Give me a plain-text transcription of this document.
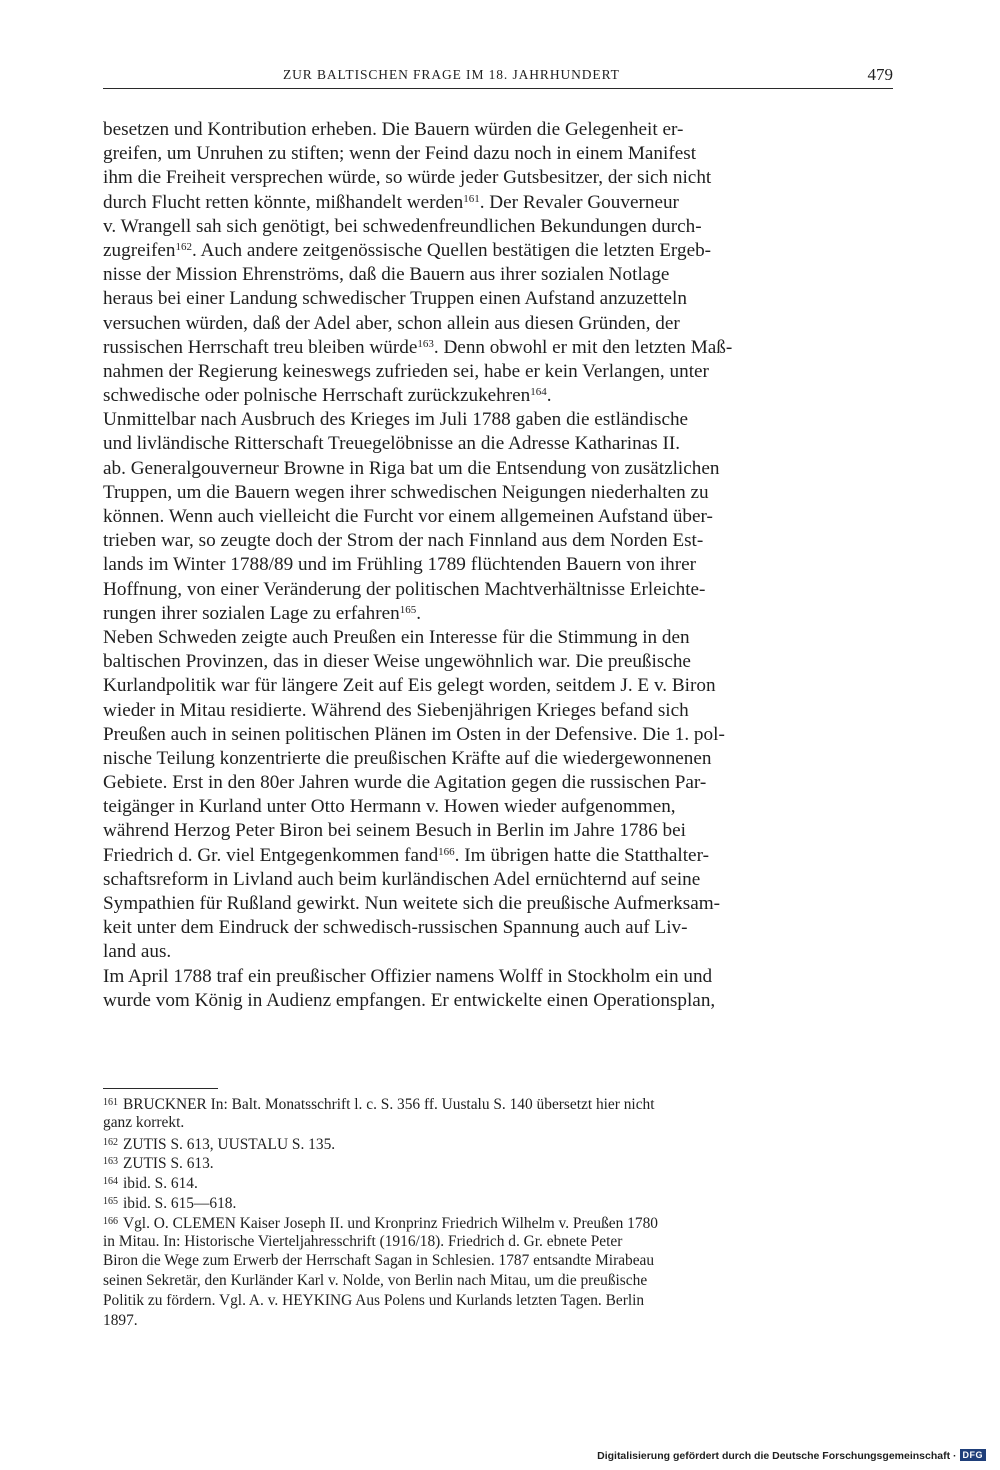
ZUR BALTISCHEN FRAGE IM 18. JAHRHUNDERT	479
besetzen und Kontribution erheben. Die Bauern würden die Gelegenheit er-
greifen, um Unruhen zu stiften; wenn der Feind dazu noch in einem Manifest
ihm die Freiheit versprechen würde, so würde jeder Gutsbesitzer, der sich nicht
durch Flucht retten könnte, mißhandelt werden$^{161}$. Der Revaler Gouverneur
v. Wrangell sah sich genötigt, bei schwedenfreundlichen Bekundungen durch-
zugreifen$^{162}$. Auch andere zeitgenössische Quellen bestätigen die letzten Ergeb-
nisse der Mission Ehrenströms, daß die Bauern aus ihrer sozialen Notlage
heraus bei einer Landung schwedischer Truppen einen Aufstand anzuzetteln
versuchen würden, daß der Adel aber, schon allein aus diesen Gründen, der
russischen Herrschaft treu bleiben würde$^{163}$. Denn obwohl er mit den letzten Maß-
nahmen der Regierung keineswegs zufrieden sei, habe er kein Verlangen, unter
schwedische oder polnische Herrschaft zurückzukehren$^{164}$.
Unmittelbar nach Ausbruch des Krieges im Juli 1788 gaben die estländische
und livländische Ritterschaft Treuegelöbnisse an die Adresse Katharinas II.
ab. Generalgouverneur Browne in Riga bat um die Entsendung von zusätzlichen
Truppen, um die Bauern wegen ihrer schwedischen Neigungen niederhalten zu
können. Wenn auch vielleicht die Furcht vor einem allgemeinen Aufstand über-
trieben war, so zeugte doch der Strom der nach Finnland aus dem Norden Est-
lands im Winter 1788/89 und im Frühling 1789 flüchtenden Bauern von ihrer
Hoffnung, von einer Veränderung der politischen Machtverhältnisse Erleichte-
rungen ihrer sozialen Lage zu erfahren$^{165}$.
Neben Schweden zeigte auch Preußen ein Interesse für die Stimmung in den
baltischen Provinzen, das in dieser Weise ungewöhnlich war. Die preußische
Kurlandpolitik war für längere Zeit auf Eis gelegt worden, seitdem J. E v. Biron
wieder in Mitau residierte. Während des Siebenjährigen Krieges befand sich
Preußen auch in seinen politischen Plänen im Osten in der Defensive. Die 1. pol-
nische Teilung konzentrierte die preußischen Kräfte auf die wiedergewonnenen
Gebiete. Erst in den 80er Jahren wurde die Agitation gegen die russischen Par-
teigänger in Kurland unter Otto Hermann v. Howen wieder aufgenommen,
während Herzog Peter Biron bei seinem Besuch in Berlin im Jahre 1786 bei
Friedrich d. Gr. viel Entgegenkommen fand$^{166}$. Im übrigen hatte die Statthalter-
schaftsreform in Livland auch beim kurländischen Adel ernüchternd auf seine
Sympathien für Rußland gewirkt. Nun weitete sich die preußische Aufmerksam-
keit unter dem Eindruck der schwedisch-russischen Spannung auch auf Liv-
land aus.
Im April 1788 traf ein preußischer Offizier namens Wolff in Stockholm ein und
wurde vom König in Audienz empfangen. Er entwickelte einen Operationsplan,
$^{161}$ BRUCKNER In: Balt. Monatsschrift l. c. S. 356 ff. Uustalu S. 140 übersetzt hier nicht
ganz korrekt.
$^{162}$ ZUTIS S. 613, UUSTALU S. 135.
$^{163}$ ZUTIS S. 613.
$^{164}$ ibid. S. 614.
$^{165}$ ibid. S. 615—618.
$^{166}$ Vgl. O. CLEMEN Kaiser Joseph II. und Kronprinz Friedrich Wilhelm v. Preußen 1780
in Mitau. In: Historische Vierteljahresschrift (1916/18). Friedrich d. Gr. ebnete Peter
Biron die Wege zum Erwerb der Herrschaft Sagan in Schlesien. 1787 entsandte Mirabeau
seinen Sekretär, den Kurländer Karl v. Nolde, von Berlin nach Mitau, um die preußische
Politik zu fördern. Vgl. A. v. HEYKING Aus Polens und Kurlands letzten Tagen. Berlin
1897.
Digitalisierung gefördert durch die Deutsche Forschungsgemeinschaft · DFG
